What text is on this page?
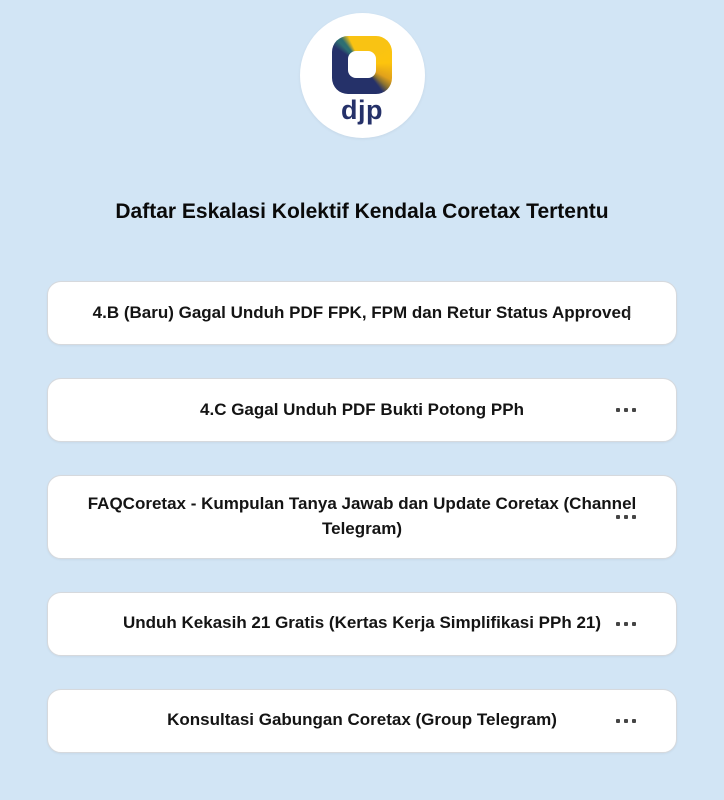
djp
Daftar Eskalasi Kolektif Kendala Coretax Tertentu
4.B (Baru) Gagal Unduh PDF FPK, FPM dan Retur Status Approved
4.C Gagal Unduh PDF Bukti Potong PPh
FAQCoretax - Kumpulan Tanya Jawab dan Update Coretax (Channel Telegram)
Unduh Kekasih 21 Gratis (Kertas Kerja Simplifikasi PPh 21)
Konsultasi Gabungan Coretax (Group Telegram)
